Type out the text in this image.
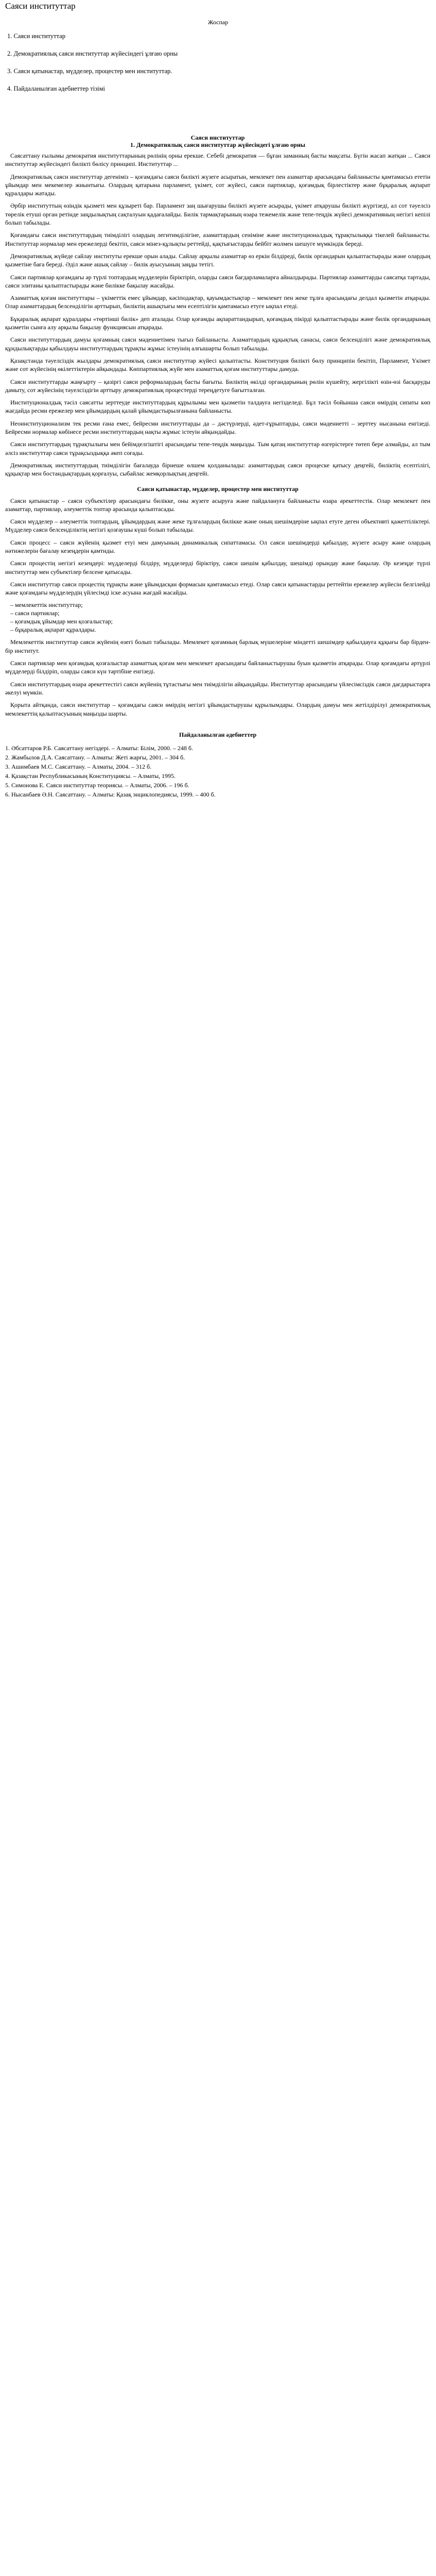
Саяси институттар
Жоспар
1. Саяси институттар
2. Демократиялық саяси институттар жүйесіндегі ұлғаю орны
3. Саяси қатынастар, мүдделер, процестер мен институттар.
4. Пайдаланылған әдебиеттер тізімі
Саяси институттар
1. Демократиялық саяси институттар жүйесіндегі ұлғаю орны

Саясаттану ғылымы демократия институттарының рөлінің орны ерекше. Себебі демократия — бұған заманның басты мақсаты. Бүгін жасап жатқан ... Саяси институттар жүйесіндегі билікті бөлісу принципі. Институттар ...

Демократиялық саяси институттар дегеніміз – қоғамдағы саяси билікті жүзеге асыратын, мемлекет пен азаматтар арасындағы байланысты қамтамасыз ететін ұйымдар мен мекемелер жиынтығы. Олардың қатарына парламент, үкімет, сот жүйесі, саяси партиялар, қоғамдық бірлестіктер және бұқаралық ақпарат құралдары жатады.

Әрбір институттың өзіндік қызметі мен құзыреті бар. Парламент заң шығарушы билікті жүзеге асырады, үкімет атқарушы билікті жүргізеді, ал сот тәуелсіз төрелік етуші орган ретінде заңдылықтың сақталуын қадағалайды. Билік тармақтарының өзара тежемелік және тепе-теңдік жүйесі демократияның негізгі кепілі болып табылады.

Қоғамдағы саяси институттардың тиімділігі олардың легитимділігіне, азаматтардың сеніміне және институционалдық тұрақтылыққа тікелей байланысты. Институттар нормалар мен ережелерді бекітіп, саяси мінез-құлықты реттейді, қақтығыстарды бейбіт жолмен шешуге мүмкіндік береді.

Демократиялық жүйеде сайлау институты ерекше орын алады. Сайлау арқылы азаматтар өз еркін білдіреді, билік органдарын қалыптастырады және олардың қызметіне баға береді. Әділ және ашық сайлау – билік ауысуының заңды тетігі.

Саяси партиялар қоғамдағы әр түрлі топтардың мүдделерін біріктіріп, оларды саяси бағдарламаларға айналдырады. Партиялар азаматтарды саясатқа тартады, саяси элитаны қалыптастырады және билікке бақылау жасайды.

Азаматтық қоғам институттары – үкіметтік емес ұйымдар, кәсіподақтар, қауымдастықтар – мемлекет пен жеке тұлға арасындағы делдал қызметін атқарады. Олар азаматтардың белсенділігін арттырып, биліктің ашықтығы мен есептілігін қамтамасыз етуге ықпал етеді.

Бұқаралық ақпарат құралдары «төртінші билік» деп аталады. Олар қоғамды ақпараттандырып, қоғамдық пікірді қалыптастырады және билік органдарының қызметін сынға алу арқылы бақылау функциясын атқарады.

Саяси институттардың дамуы қоғамның саяси мәдениетімен тығыз байланысты. Азаматтардың құқықтық санасы, саяси белсенділігі және демократиялық құндылықтарды қабылдауы институттардың тұрақты жұмыс істеуінің алғышарты болып табылады.

Қазақстанда тәуелсіздік жылдары демократиялық саяси институттар жүйесі қалыптасты. Конституция билікті бөлу принципін бекітіп, Парламент, Үкімет және сот жүйесінің өкілеттіктерін айқындады. Көппартиялық жүйе мен азаматтық қоғам институттары дамуда.

Саяси институттарды жаңғырту – қазіргі саяси реформалардың басты бағыты. Биліктің өкілді органдарының рөлін күшейту, жергілікті өзін-өзі басқаруды дамыту, сот жүйесінің тәуелсіздігін арттыру демократиялық процестерді тереңдетуге бағытталған.

Институционалдық тәсіл саясатты зерттеуде институттардың құрылымы мен қызметін талдауға негізделеді. Бұл тәсіл бойынша саяси өмірдің сипаты көп жағдайда ресми ережелер мен ұйымдардың қалай ұйымдастырылғанына байланысты.

Неоинституционализм тек ресми ғана емес, бейресми институттарды да – дәстүрлерді, әдет-ғұрыптарды, саяси мәдениетті – зерттеу нысанына енгізеді. Бейресми нормалар көбінесе ресми институттардың нақты жұмыс істеуін айқындайды.

Саяси институттардың тұрақтылығы мен бейімделгіштігі арасындағы тепе-теңдік маңызды. Тым қатаң институттар өзгерістерге төтеп бере алмайды, ал тым әлсіз институттар саяси тұрақсыздыққа әкеп соғады.

Демократиялық институттардың тиімділігін бағалауда бірнеше өлшем қолданылады: азаматтардың саяси процеске қатысу деңгейі, биліктің есептілігі, құқықтар мен бостандықтардың қорғалуы, сыбайлас жемқорлықтың деңгейі.

Саяси қатынастар, мүдделер, процестер мен институттар

Саяси қатынастар – саяси субъектілер арасындағы билікке, оны жүзеге асыруға және пайдалануға байланысты өзара әрекеттестік. Олар мемлекет пен азаматтар, партиялар, әлеуметтік топтар арасында қалыптасады.

Саяси мүдделер – әлеуметтік топтардың, ұйымдардың және жеке тұлғалардың билікке және оның шешімдеріне ықпал етуге деген объективті қажеттіліктері. Мүдделер саяси белсенділіктің негізгі қозғаушы күші болып табылады.

Саяси процесс – саяси жүйенің қызмет етуі мен дамуының динамикалық сипаттамасы. Ол саяси шешімдерді қабылдау, жүзеге асыру және олардың нәтижелерін бағалау кезеңдерін қамтиды.

Саяси процестің негізгі кезеңдері: мүдделерді білдіру, мүдделерді біріктіру, саяси шешім қабылдау, шешімді орындау және бақылау. Әр кезеңде түрлі институттар мен субъектілер белсене қатысады.

Саяси институттар саяси процестің тұрақты және ұйымдасқан формасын қамтамасыз етеді. Олар саяси қатынастарды реттейтін ережелер жүйесін белгілейді және қоғамдағы мүдделердің үйлесімді іске асуына жағдай жасайды.

– мемлекеттік институттар;
– саяси партиялар;
– қоғамдық ұйымдар мен қозғалыстар;
– бұқаралық ақпарат құралдары.

Мемлекеттік институттар саяси жүйенің өзегі болып табылады. Мемлекет қоғамның барлық мүшелеріне міндетті шешімдер қабылдауға құқығы бар бірден-бір институт.

Саяси партиялар мен қоғамдық қозғалыстар азаматтық қоғам мен мемлекет арасындағы байланыстырушы буын қызметін атқарады. Олар қоғамдағы әртүрлі мүдделерді білдіріп, оларды саяси күн тәртібіне енгізеді.

Саяси институттардың өзара әрекеттестігі саяси жүйенің тұтастығы мен тиімділігін айқындайды. Институттар арасындағы үйлесімсіздік саяси дағдарыстарға әкелуі мүмкін.

Қорыта айтқанда, саяси институттар – қоғамдағы саяси өмірдің негізгі ұйымдастырушы құрылымдары. Олардың дамуы мен жетілдірілуі демократиялық мемлекеттің қалыптасуының маңызды шарты.

Пайдаланылған әдебиеттер
1. Әбсаттаров Р.Б. Саясаттану негіздері. – Алматы: Білім, 2000. – 248 б.
2. Жамбылов Д.А. Саясаттану. – Алматы: Жеті жарғы, 2001. – 304 б.
3. Ашимбаев М.С. Саясаттану. – Алматы, 2004. – 312 б.
4. Қазақстан Республикасының Конституциясы. – Алматы, 1995.
5. Симонова Е. Саяси институттар теориясы. – Алматы, 2006. – 196 б.
6. Нысанбаев Ә.Н. Саясаттану. – Алматы: Қазақ энциклопедиясы, 1999. – 400 б.
